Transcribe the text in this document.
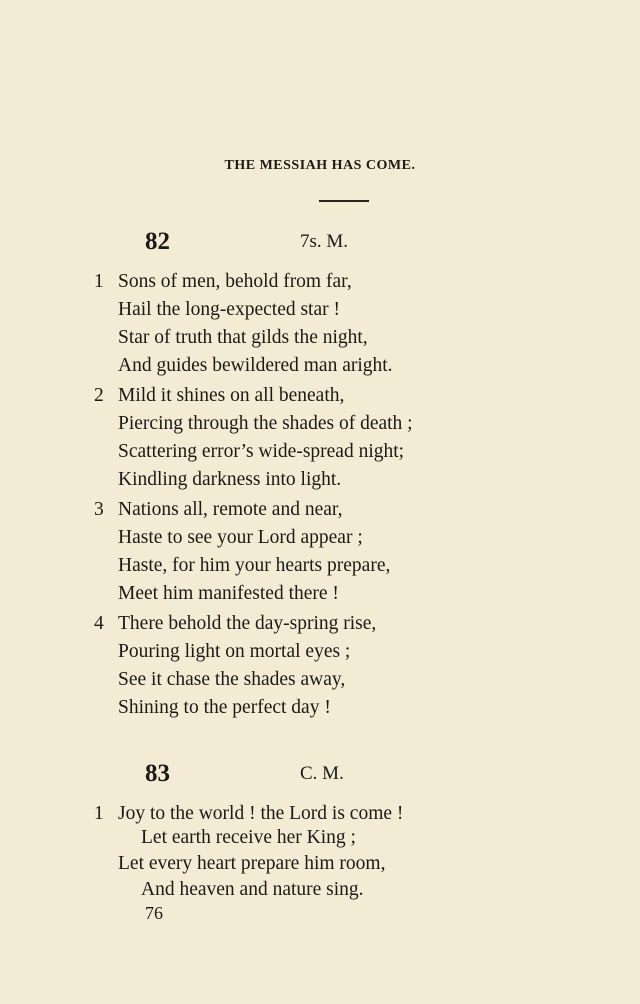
THE MESSIAH HAS COME.
82	7s. M.
1 Sons of men, behold from far,
Hail the long-expected star !
Star of truth that gilds the night,
And guides bewildered man aright.
2 Mild it shines on all beneath,
Piercing through the shades of death ;
Scattering error’s wide-spread night;
Kindling darkness into light.
3 Nations all, remote and near,
Haste to see your Lord appear ;
Haste, for him your hearts prepare,
Meet him manifested there !
4 There behold the day-spring rise,
Pouring light on mortal eyes ;
See it chase the shades away,
Shining to the perfect day !
83	C. M.
1 Joy to the world ! the Lord is come !
Let earth receive her King ;
Let every heart prepare him room,
And heaven and nature sing.
76
